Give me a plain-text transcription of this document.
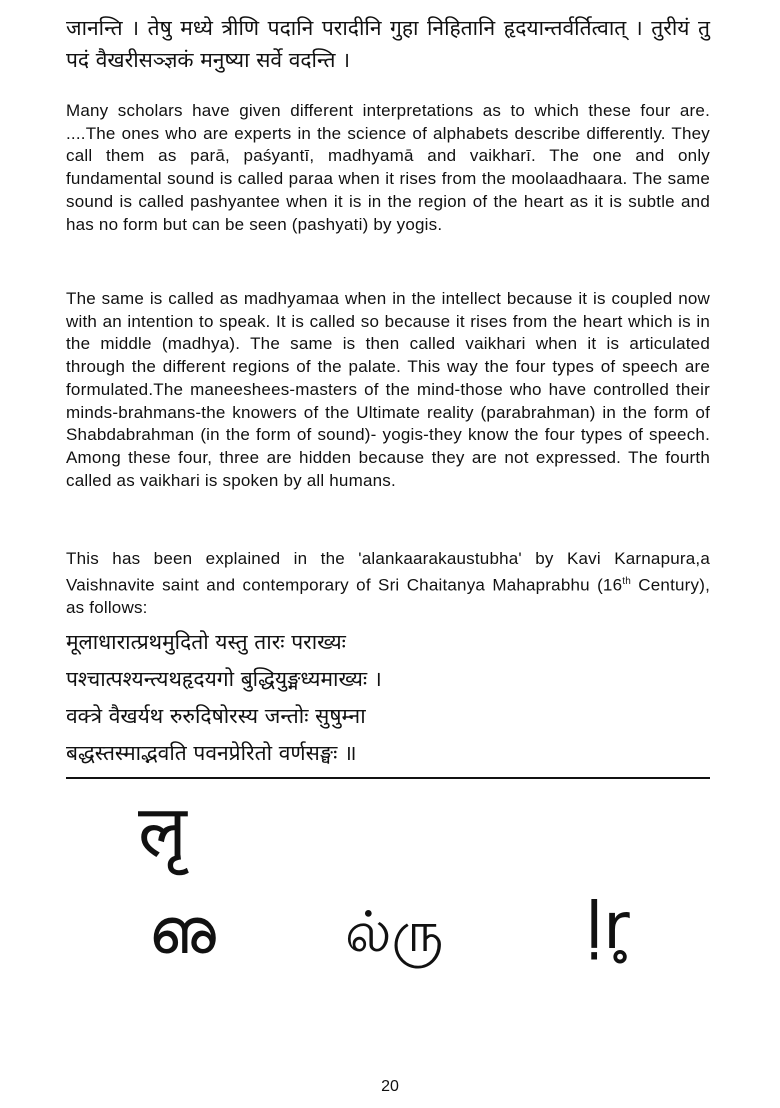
जानन्ति । तेषु मध्ये त्रीणि पदानि परादीनि गुहा निहितानि हृदयान्तर्वर्तित्वात् । तुरीयं तु पदं वैखरीसञ्ज्ञकं मनुष्या सर्वे वदन्ति ।
Many scholars have given different interpretations as to which these four are. ....The ones who are experts in the science of alphabets describe differently. They call them as parā, paśyantī, madhyamā and vaikharī. The one and only fundamental sound is called paraa when it rises from the moolaadhaara. The same sound is called pashyantee when it is in the region of the heart as it is subtle and has no form but can be seen (pashyati) by yogis.
The same is called as madhyamaa when in the intellect because it is coupled now with an intention to speak. It is called so because it rises from the heart which is in the middle (madhya). The same is then called vaikhari when it is articulated through the different regions of the palate. This way the four types of speech are formulated.The maneeshees-masters of the mind-those who have controlled their minds-brahmans-the knowers of the Ultimate reality (parabrahman) in the form of Shabdabrahman (in the form of sound)- yogis-they know the four types of speech. Among these four, three are hidden because they are not expressed. The fourth called as vaikhari is spoken by all humans.
This has been explained in the 'alankaarakaustubha' by Kavi Karnapura,a Vaishnavite saint and contemporary of Sri Chaitanya Mahaprabhu (16th Century), as follows:
मूलाधारात्प्रथमुदितो यस्तु तारः पराख्यः
पश्चात्पश्यन्त्यथहृदयगो बुद्धियुङ्मध्यमाख्यः ।
वक्त्रे वैखर्यथ रुरुदिषोरस्य जन्तोः सुषुम्ना
बद्धस्तस्माद्भवति पवनप्रेरितो वर्णसङ्घः ॥
लृ
ഌ ல்ரு ḷr̥
20
